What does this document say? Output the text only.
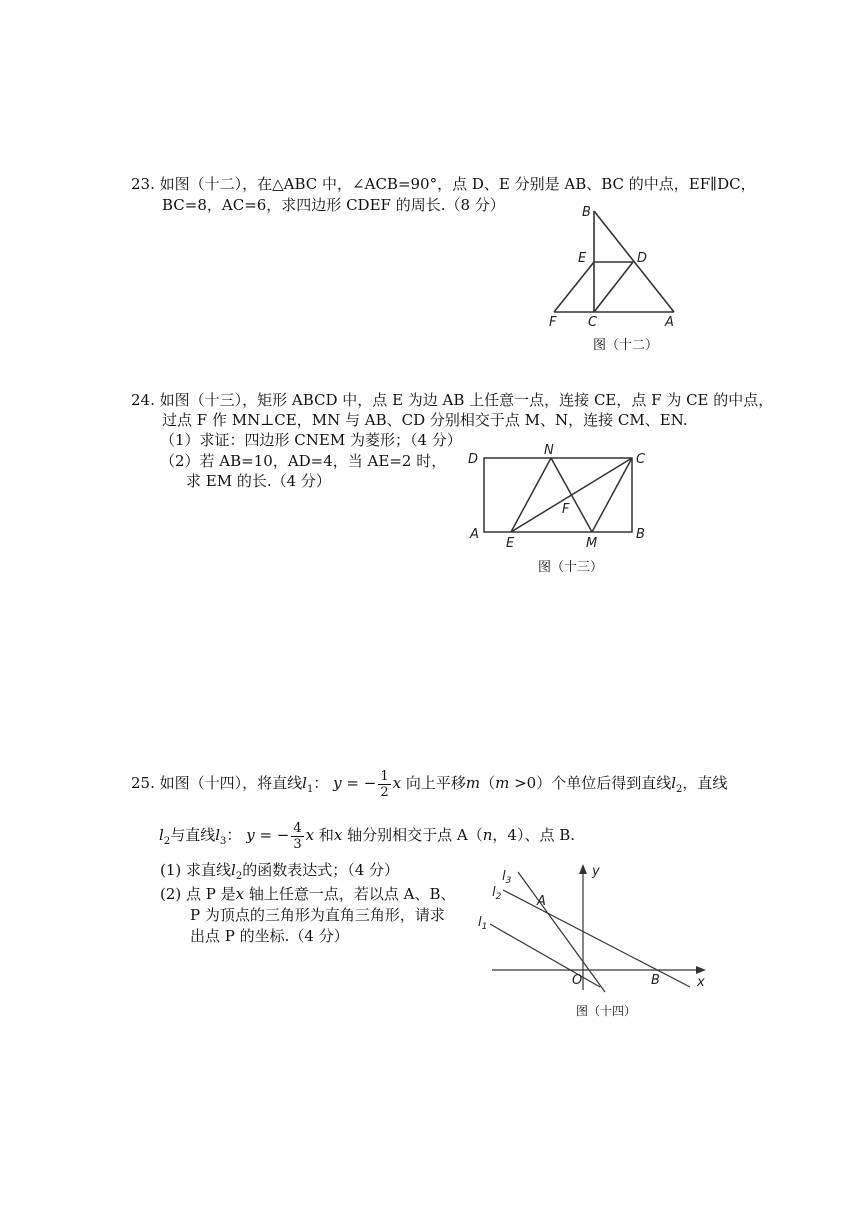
23. 如图（十二），在△ABC 中，∠ACB=90°，点 D、E 分别是 AB、BC 的中点，EF∥DC，
BC=8，AC=6，求四边形 CDEF 的周长.（8 分）	B
E	D
F C	A
图（十二）
24. 如图（十三），矩形 ABCD 中，点 E 为边 AB 上任意一点，连接 CE，点 F 为 CE 的中点，
过点 F 作 MN⊥CE，MN 与 AB、CD 分别相交于点 M、N，连接 CM、EN.
（1）求证：四边形 CNEM 为菱形；（4 分）
（2）若 AB=10，AD=4，当 AE=2 时，
求 EM 的长.（4 分）
D
N
C
F
A
E	M
B
图（十三）
25. 如图（十四），将直线$l_1$： y = − $\frac{1}{2}$ x 向上平移m（m >0）个单位后得到直线$l_2$，直线
$l_2$与直线$l_3$： y = − $\frac{4}{3}$ x 和x 轴分别相交于点 A（n，4）、点 B.
(1) 求直线$l_2$的函数表达式；（4 分）
(2) 点 P 是x 轴上任意一点，若以点 A、B、
P 为顶点的三角形为直角三角形，请求
出点 P 的坐标.（4 分）
y
x
$l_3$
$l_2$
$l_1$
A
O	B
图（十四）
